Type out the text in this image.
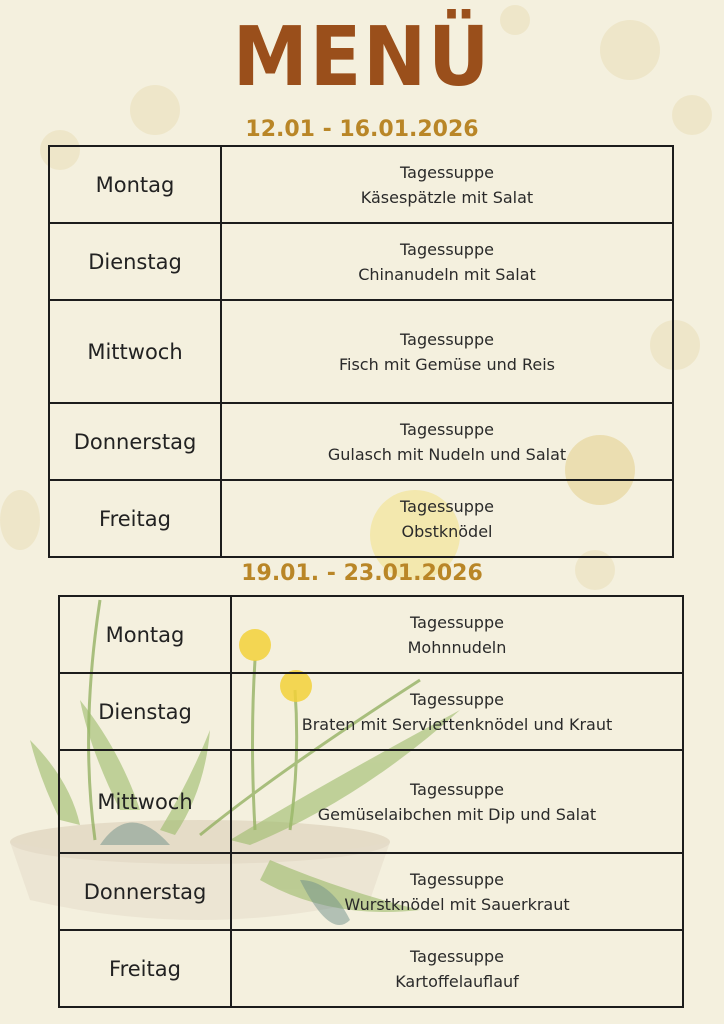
MENÜ
12.01 - 16.01.2026
Montag	Tagessuppe
Käsespätzle mit Salat

Dienstag	Tagessuppe
Chinanudeln mit Salat

Mittwoch	Tagessuppe
Fisch mit Gemüse und Reis

Donnerstag	Tagessuppe
Gulasch mit Nudeln und Salat

Freitag	Tagessuppe
Obstknödel
19.01. - 23.01.2026
Montag	Tagessuppe
Mohnnudeln

Dienstag	Tagessuppe
Braten mit Serviettenknödel und Kraut

Mittwoch	Tagessuppe
Gemüselaibchen mit Dip und Salat

Donnerstag	Tagessuppe
Wurstknödel mit Sauerkraut

Freitag	Tagessuppe
Kartoffelauflauf
